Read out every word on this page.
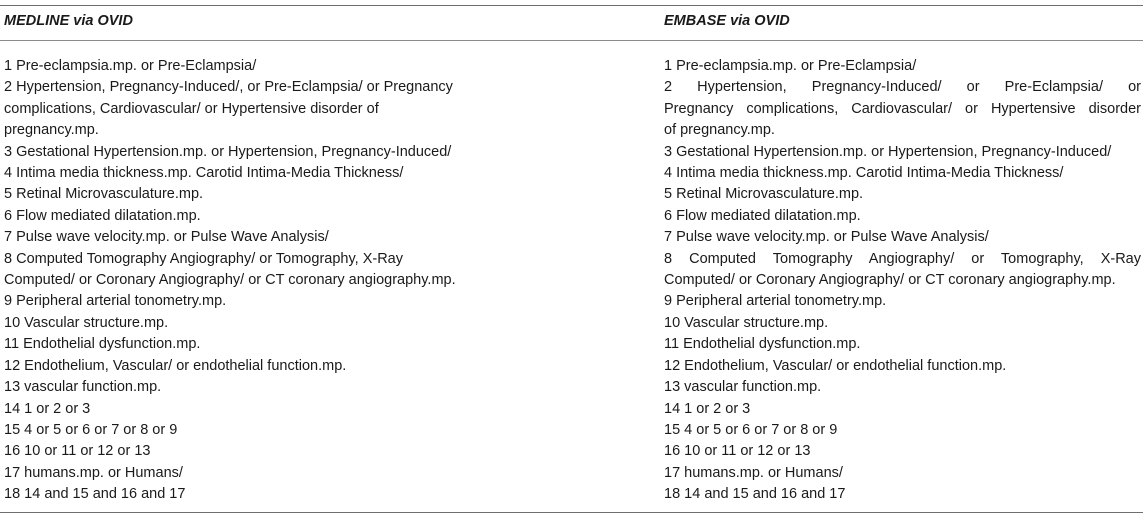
MEDLINE via OVID	EMBASE via OVID
1 Pre-eclampsia.mp. or Pre-Eclampsia/
2 Hypertension, Pregnancy-Induced/, or Pre-Eclampsia/ or Pregnancy
complications, Cardiovascular/ or Hypertensive disorder of
pregnancy.mp.
3 Gestational Hypertension.mp. or Hypertension, Pregnancy-Induced/
4 Intima media thickness.mp. Carotid Intima-Media Thickness/
5 Retinal Microvasculature.mp.
6 Flow mediated dilatation.mp.
7 Pulse wave velocity.mp. or Pulse Wave Analysis/
8 Computed Tomography Angiography/ or Tomography, X-Ray
Computed/ or Coronary Angiography/ or CT coronary angiography.mp.
9 Peripheral arterial tonometry.mp.
10 Vascular structure.mp.
11 Endothelial dysfunction.mp.
12 Endothelium, Vascular/ or endothelial function.mp.
13 vascular function.mp.
14 1 or 2 or 3
15 4 or 5 or 6 or 7 or 8 or 9
16 10 or 11 or 12 or 13
17 humans.mp. or Humans/
18 14 and 15 and 16 and 17
1 Pre-eclampsia.mp. or Pre-Eclampsia/
2 Hypertension, Pregnancy-Induced/ or Pre-Eclampsia/ or
Pregnancy complications, Cardiovascular/ or Hypertensive disorder
of pregnancy.mp.
3 Gestational Hypertension.mp. or Hypertension, Pregnancy-Induced/
4 Intima media thickness.mp. Carotid Intima-Media Thickness/
5 Retinal Microvasculature.mp.
6 Flow mediated dilatation.mp.
7 Pulse wave velocity.mp. or Pulse Wave Analysis/
8 Computed Tomography Angiography/ or Tomography, X-Ray
Computed/ or Coronary Angiography/ or CT coronary angiography.mp.
9 Peripheral arterial tonometry.mp.
10 Vascular structure.mp.
11 Endothelial dysfunction.mp.
12 Endothelium, Vascular/ or endothelial function.mp.
13 vascular function.mp.
14 1 or 2 or 3
15 4 or 5 or 6 or 7 or 8 or 9
16 10 or 11 or 12 or 13
17 humans.mp. or Humans/
18 14 and 15 and 16 and 17
